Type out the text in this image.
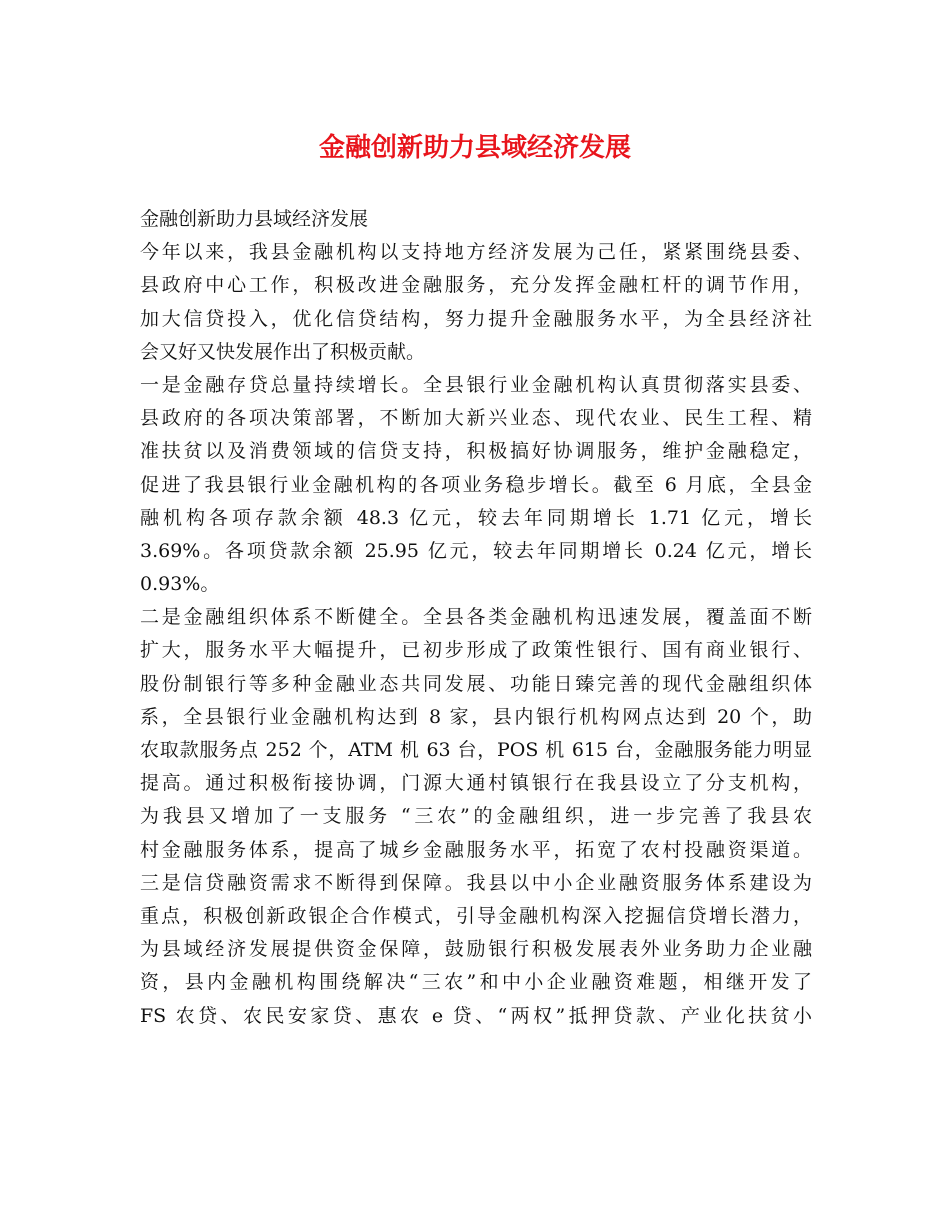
金融创新助力县域经济发展
金融创新助力县域经济发展
今年以来，我县金融机构以支持地方经济发展为己任，紧紧围绕县委、
县政府中心工作，积极改进金融服务，充分发挥金融杠杆的调节作用，
加大信贷投入，优化信贷结构，努力提升金融服务水平，为全县经济社
会又好又快发展作出了积极贡献。
一是金融存贷总量持续增长。全县银行业金融机构认真贯彻落实县委、
县政府的各项决策部署，不断加大新兴业态、现代农业、民生工程、精
准扶贫以及消费领域的信贷支持，积极搞好协调服务，维护金融稳定，
促进了我县银行业金融机构的各项业务稳步增长。截至 6 月底，全县金
融机构各项存款余额 48.3 亿元，较去年同期增长 1.71 亿元，增长
3.69%。各项贷款余额 25.95 亿元，较去年同期增长 0.24 亿元，增长
0.93%。
二是金融组织体系不断健全。全县各类金融机构迅速发展，覆盖面不断
扩大，服务水平大幅提升，已初步形成了政策性银行、国有商业银行、
股份制银行等多种金融业态共同发展、功能日臻完善的现代金融组织体
系，全县银行业金融机构达到 8 家，县内银行机构网点达到 20 个，助
农取款服务点 252 个，ATM 机 63 台，POS 机 615 台，金融服务能力明显
提高。通过积极衔接协调，门源大通村镇银行在我县设立了分支机构，
为我县又增加了一支服务 “三农”的金融组织，进一步完善了我县农
村金融服务体系，提高了城乡金融服务水平，拓宽了农村投融资渠道。
三是信贷融资需求不断得到保障。我县以中小企业融资服务体系建设为
重点，积极创新政银企合作模式，引导金融机构深入挖掘信贷增长潜力，
为县域经济发展提供资金保障，鼓励银行积极发展表外业务助力企业融
资，县内金融机构围绕解决“三农”和中小企业融资难题，相继开发了
FS 农贷、农民安家贷、惠农 e 贷、“两权”抵押贷款、产业化扶贫小
